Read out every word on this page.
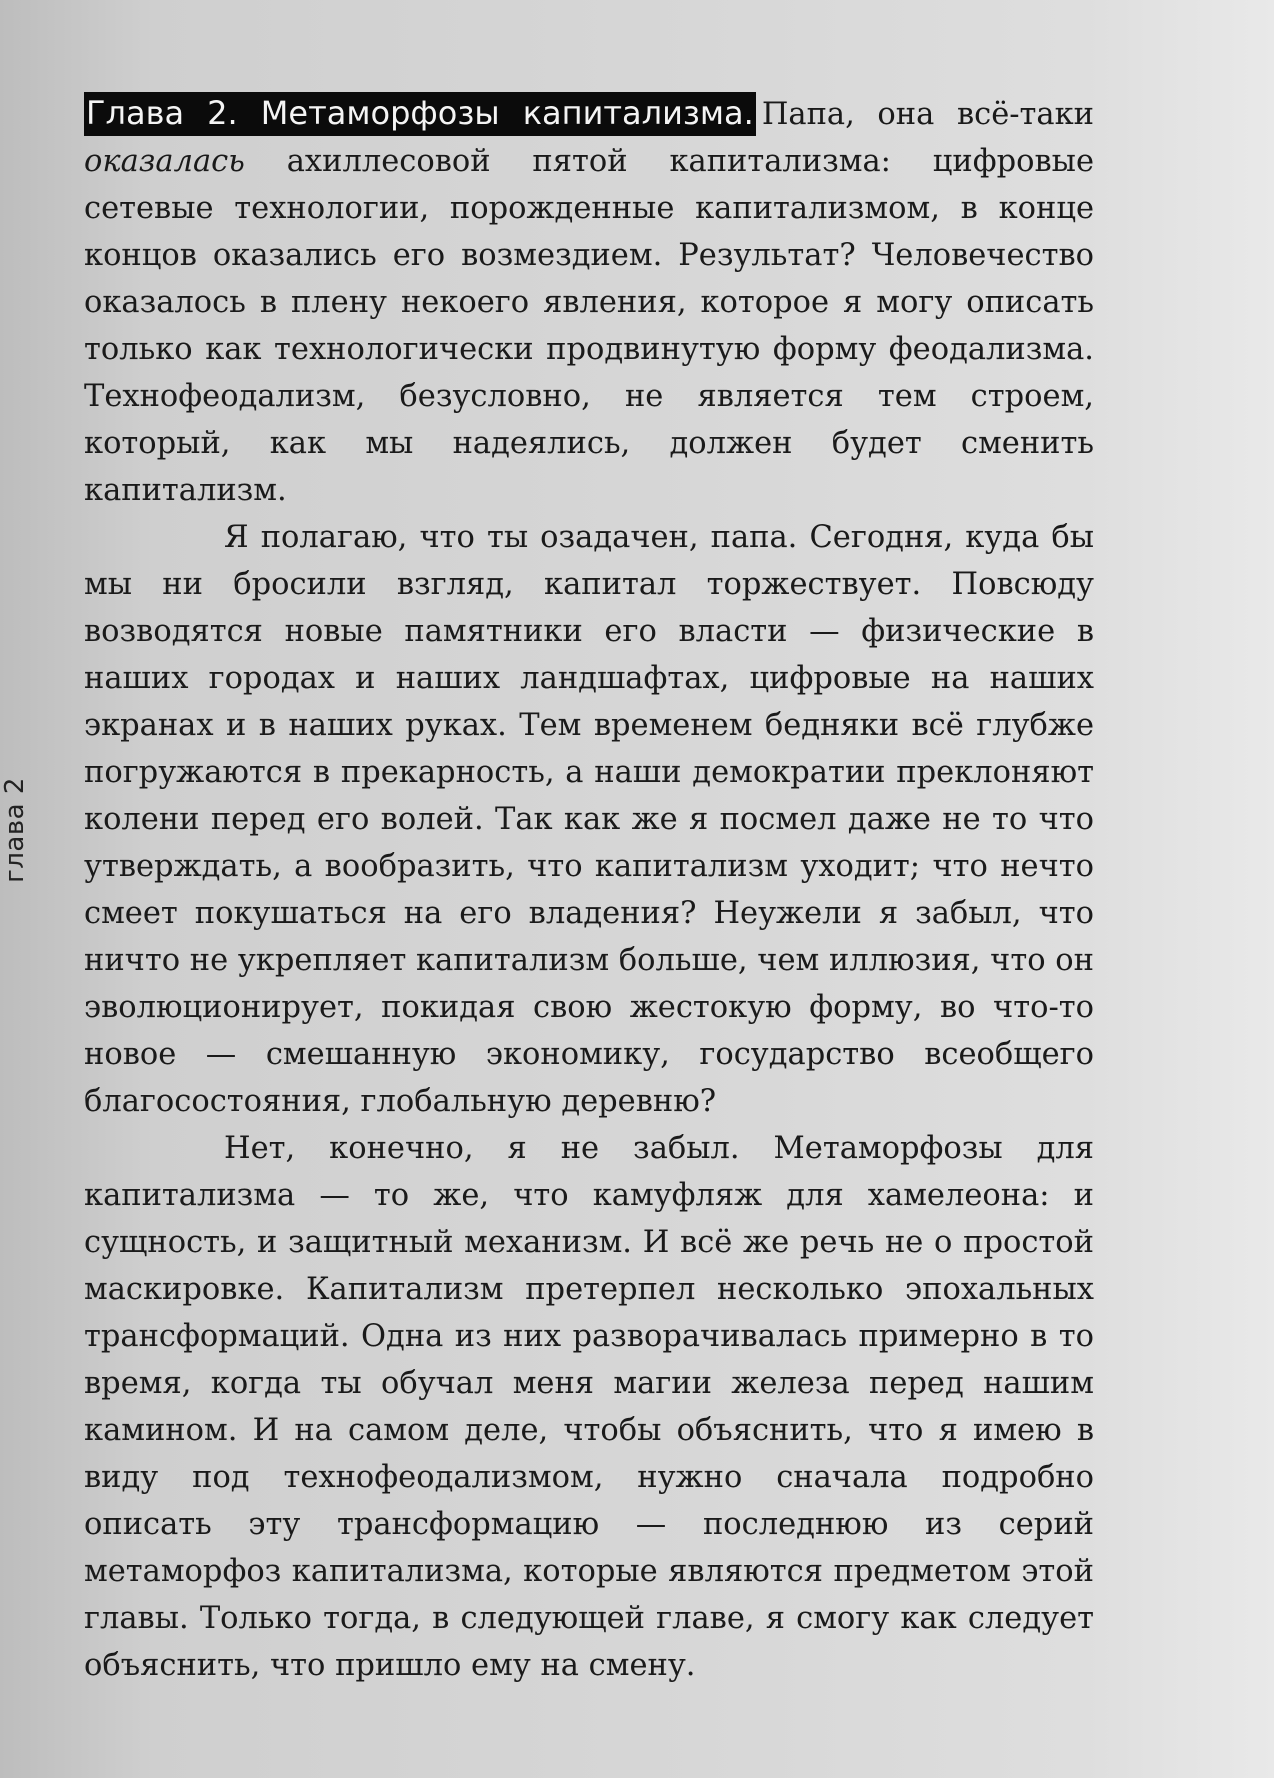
глава 2

Глава 2. Метаморфозы капитализма. Папа, она всё-таки оказалась ахиллесовой пятой капитализма: цифровые сетевые технологии, порожденные капитализмом, в конце концов оказались его возмездием. Результат? Человечество оказалось в плену некоего явления, которое я могу описать только как технологически продвинутую форму феодализма. Технофеодализм, безусловно, не является тем строем, который, как мы надеялись, должен будет сменить капитализм.

Я полагаю, что ты озадачен, папа. Сегодня, куда бы мы ни бросили взгляд, капитал торжествует. Повсюду возводятся новые памятники его власти — физические в наших городах и наших ландшафтах, цифровые на наших экранах и в наших руках. Тем временем бедняки всё глубже погружаются в прекарность, а наши демократии преклоняют колени перед его волей. Так как же я посмел даже не то что утверждать, а вообразить, что капитализм уходит; что нечто смеет покушаться на его владения? Неужели я забыл, что ничто не укрепляет капитализм больше, чем иллюзия, что он эволюционирует, покидая свою жестокую форму, во что-то новое — смешанную экономику, государство всеобщего благосостояния, глобальную деревню?

Нет, конечно, я не забыл. Метаморфозы для капитализма — то же, что камуфляж для хамелеона: и сущность, и защитный механизм. И всё же речь не о простой маскировке. Капитализм претерпел несколько эпохальных трансформаций. Одна из них разворачивалась примерно в то время, когда ты обучал меня магии железа перед нашим камином. И на самом деле, чтобы объяснить, что я имею в виду под технофеодализмом, нужно сначала подробно описать эту трансформацию — последнюю из серий метаморфоз капитализма, которые являются предметом этой главы. Только тогда, в следующей главе, я смогу как следует объяснить, что пришло ему на смену.
